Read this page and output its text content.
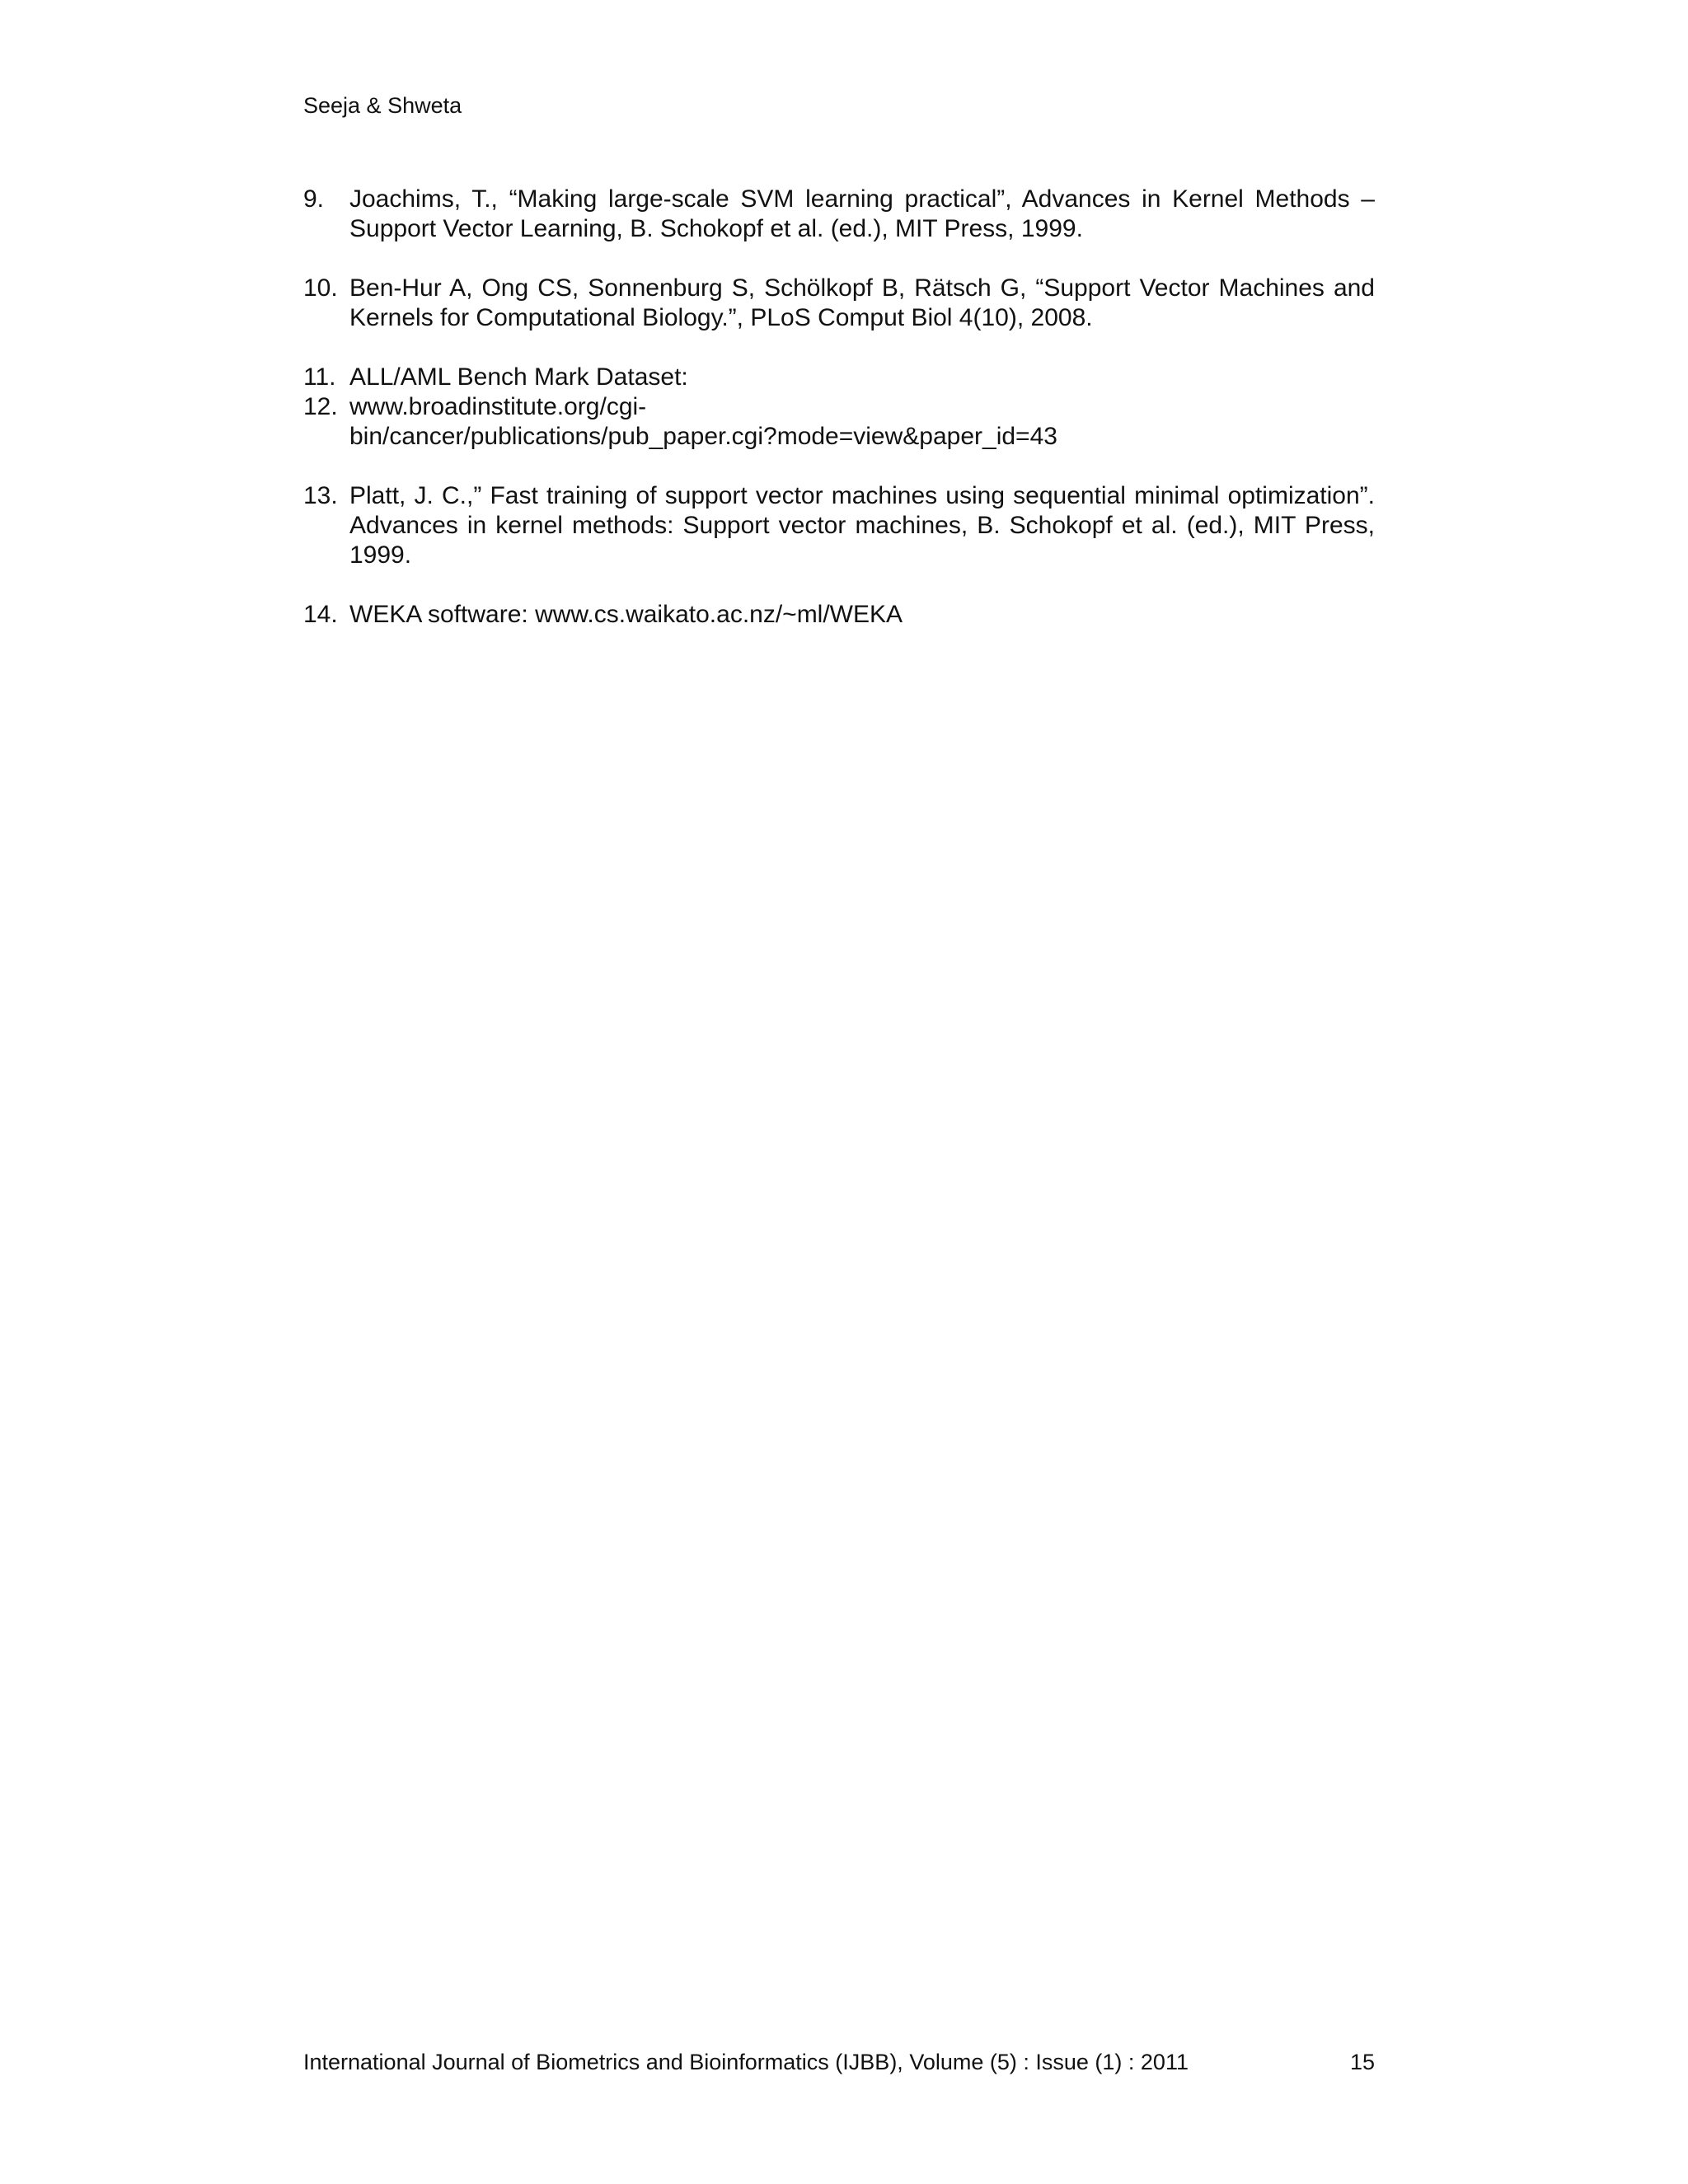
Seeja & Shweta
9.	Joachims, T., “Making large-scale SVM learning practical”, Advances in Kernel Methods – Support Vector Learning, B. Schokopf et al. (ed.), MIT Press, 1999.
10. Ben-Hur A, Ong CS, Sonnenburg S, Schölkopf B, Rätsch G, “Support Vector Machines and Kernels for Computational Biology.”, PLoS Comput Biol 4(10), 2008.
11. ALL/AML Bench Mark Dataset:
12. www.broadinstitute.org/cgi-
bin/cancer/publications/pub_paper.cgi?mode=view&paper_id=43
13. Platt, J. C.,” Fast training of support vector machines using sequential minimal optimization”. Advances in kernel methods: Support vector machines, B. Schokopf et al. (ed.), MIT Press, 1999.
14. WEKA software: www.cs.waikato.ac.nz/~ml/WEKA
International Journal of Biometrics and Bioinformatics (IJBB), Volume (5) : Issue (1) : 2011	15
